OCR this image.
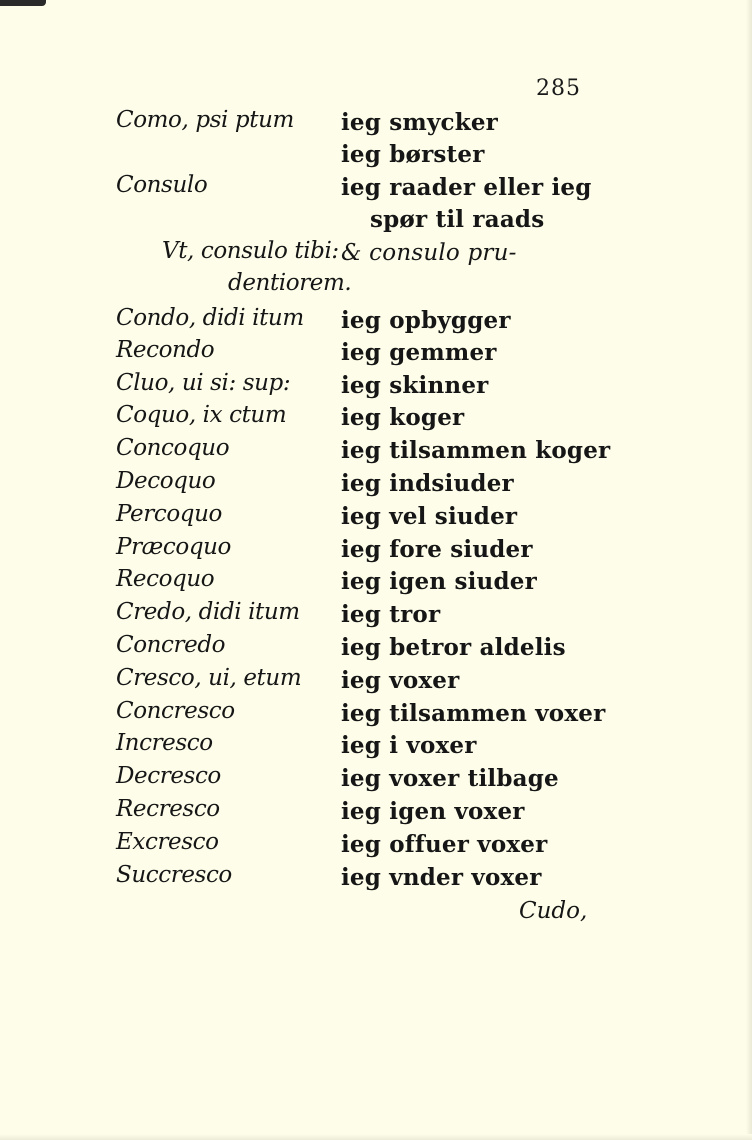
285
Como, psi ptum ieg smycker
ieg børster
Consulo	ieg raader eller ieg
spør til raads
Vt, consulo tibi: & consulo pru-
dentiorem.
Condo, didi itum ieg opbygger
Recondo	ieg gemmer
Cluo, ui si: sup: ieg skinner
Coquo, ix ctum ieg koger
Concoquo	ieg tilsammen koger
Decoquo	ieg indsiuder
Percoquo	ieg vel siuder
Præcoquo	ieg fore siuder
Recoquo	ieg igen siuder
Credo, didi itum ieg tror
Concredo	ieg betror aldelis
Cresco, ui, etum ieg voxer
Concresco	ieg tilsammen voxer
Incresco	ieg i voxer
Decresco	ieg voxer tilbage
Recresco	ieg igen voxer
Excresco	ieg offuer voxer
Succresco	ieg vnder voxer
Cudo,
